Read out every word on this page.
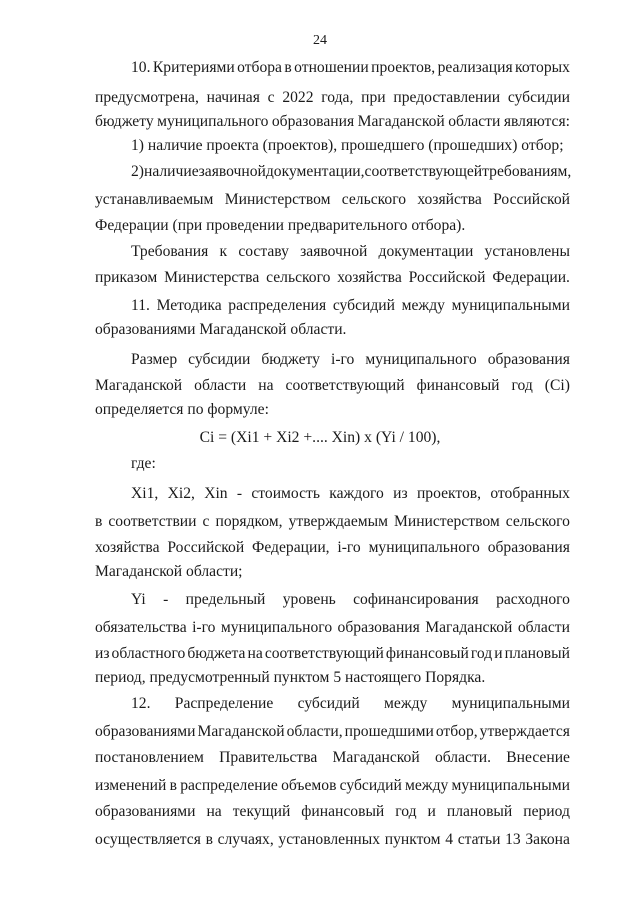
24
10. Критериями отбора в отношении проектов, реализация которых
предусмотрена, начиная с 2022 года, при предоставлении субсидии
бюджету муниципального образования Магаданской области являются:
1) наличие проекта (проектов), прошедшего (прошедших) отбор;
2) наличие заявочной документации, соответствующей требованиям,
устанавливаемым Министерством сельского хозяйства Российской
Федерации (при проведении предварительного отбора).
Требования к составу заявочной документации установлены
приказом Министерства сельского хозяйства Российской Федерации.
11. Методика распределения субсидий между муниципальными
образованиями Магаданской области.
Размер субсидии бюджету i-го муниципального образования
Магаданской области на соответствующий финансовый год (Ci)
определяется по формуле:
Ci = (Xi1 + Xi2 +.... Xin) x (Yi / 100),
где:
Xi1, Xi2, Xin - стоимость каждого из проектов, отобранных
в соответствии с порядком, утверждаемым Министерством сельского
хозяйства Российской Федерации, i-го муниципального образования
Магаданской области;
Yi - предельный уровень софинансирования расходного
обязательства i-го муниципального образования Магаданской области
из областного бюджета на соответствующий финансовый год и плановый
период, предусмотренный пунктом 5 настоящего Порядка.
12. Распределение субсидий между муниципальными
образованиями Магаданской области, прошедшими отбор, утверждается
постановлением Правительства Магаданской области. Внесение
изменений в распределение объемов субсидий между муниципальными
образованиями на текущий финансовый год и плановый период
осуществляется в случаях, установленных пунктом 4 статьи 13 Закона
